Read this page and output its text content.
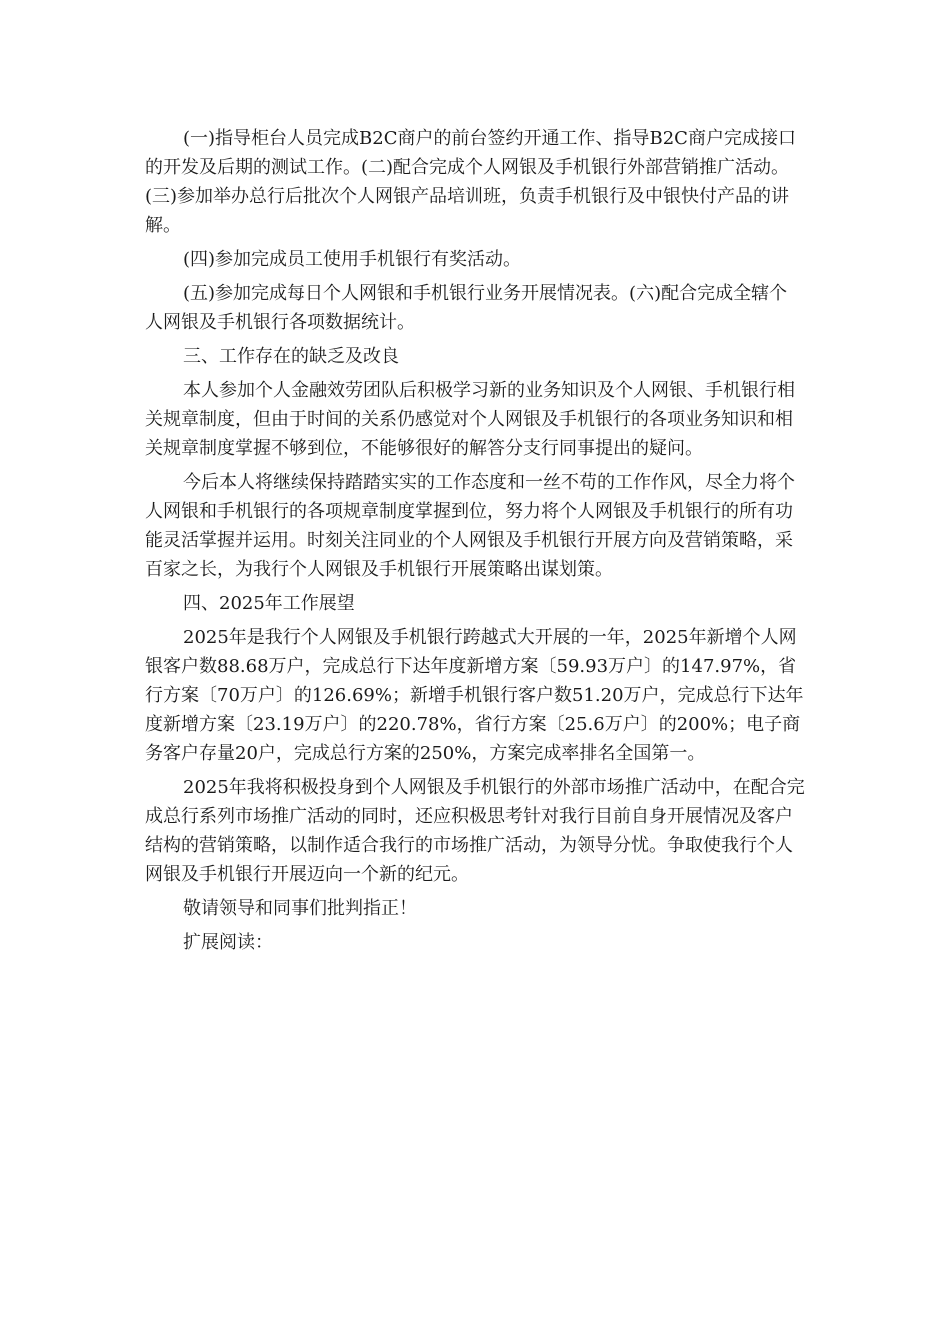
(一)指导柜台人员完成B2C商户的前台签约开通工作、指导B2C商户完成接口的开发及后期的测试工作。(二)配合完成个人网银及手机银行外部营销推广活动。(三)参加举办总行后批次个人网银产品培训班，负责手机银行及中银快付产品的讲解。

(四)参加完成员工使用手机银行有奖活动。

(五)参加完成每日个人网银和手机银行业务开展情况表。(六)配合完成全辖个人网银及手机银行各项数据统计。

三、工作存在的缺乏及改良

本人参加个人金融效劳团队后积极学习新的业务知识及个人网银、手机银行相关规章制度，但由于时间的关系仍感觉对个人网银及手机银行的各项业务知识和相关规章制度掌握不够到位，不能够很好的解答分支行同事提出的疑问。

今后本人将继续保持踏踏实实的工作态度和一丝不苟的工作作风，尽全力将个人网银和手机银行的各项规章制度掌握到位，努力将个人网银及手机银行的所有功能灵活掌握并运用。时刻关注同业的个人网银及手机银行开展方向及营销策略，采百家之长，为我行个人网银及手机银行开展策略出谋划策。

四、2025年工作展望

2025年是我行个人网银及手机银行跨越式大开展的一年，2025年新增个人网银客户数88.68万户，完成总行下达年度新增方案〔59.93万户〕的147.97%，省行方案〔70万户〕的126.69%；新增手机银行客户数51.20万户，完成总行下达年度新增方案〔23.19万户〕的220.78%，省行方案〔25.6万户〕的200%；电子商务客户存量20户，完成总行方案的250%，方案完成率排名全国第一。

2025年我将积极投身到个人网银及手机银行的外部市场推广活动中，在配合完成总行系列市场推广活动的同时，还应积极思考针对我行目前自身开展情况及客户结构的营销策略，以制作适合我行的市场推广活动，为领导分忧。争取使我行个人网银及手机银行开展迈向一个新的纪元。

敬请领导和同事们批判指正！

扩展阅读：
